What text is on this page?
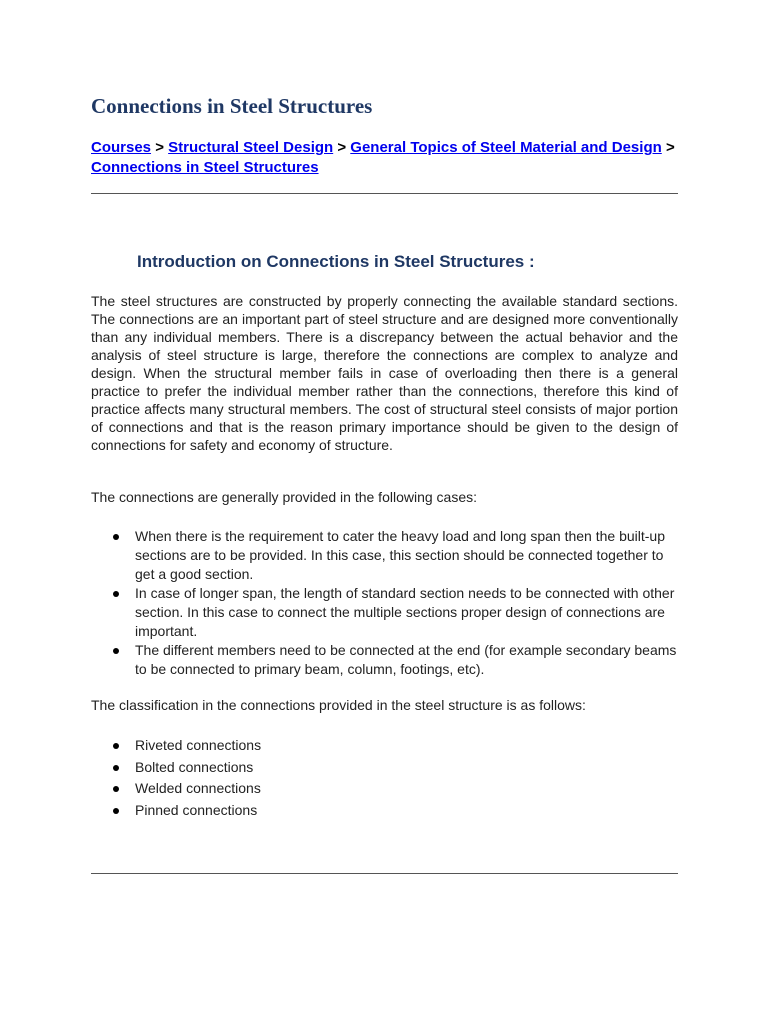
Connections in Steel Structures
Courses > Structural Steel Design > General Topics of Steel Material and Design > Connections in Steel Structures
Introduction on Connections in Steel Structures :

The steel structures are constructed by properly connecting the available standard sections. The connections are an important part of steel structure and are designed more conventionally than any individual members. There is a discrepancy between the actual behavior and the analysis of steel structure is large, therefore the connections are complex to analyze and design. When the structural member fails in case of overloading then there is a general practice to prefer the individual member rather than the connections, therefore this kind of practice affects many structural members. The cost of structural steel consists of major portion of connections and that is the reason primary importance should be given to the design of connections for safety and economy of structure.

The connections are generally provided in the following cases:

When there is the requirement to cater the heavy load and long span then the built-up sections are to be provided. In this case, this section should be connected together to get a good section.
In case of longer span, the length of standard section needs to be connected with other section. In this case to connect the multiple sections proper design of connections are important.
The different members need to be connected at the end (for example secondary beams to be connected to primary beam, column, footings, etc).

The classification in the connections provided in the steel structure is as follows:

Riveted connections
Bolted connections
Welded connections
Pinned connections
